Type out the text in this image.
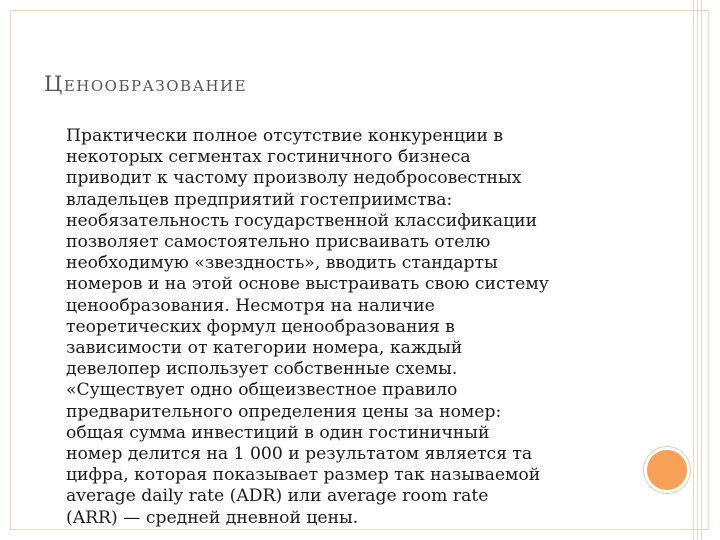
Ценообразование
Практически полное отсутствие конкуренции в
некоторых сегментах гостиничного бизнеса
приводит к частому произволу недобросовестных
владельцев предприятий гостеприимства:
необязательность государственной классификации
позволяет самостоятельно присваивать отелю
необходимую «звездность», вводить стандарты
номеров и на этой основе выстраивать свою систему
ценообразования. Несмотря на наличие
теоретических формул ценообразования в
зависимости от категории номера, каждый
девелопер использует собственные схемы.
«Существует одно общеизвестное правило
предварительного определения цены за номер:
общая сумма инвестиций в один гостиничный
номер делится на 1 000 и результатом является та
цифра, которая показывает размер так называемой
average daily rate (ADR) или average room rate
(ARR) — средней дневной цены.
